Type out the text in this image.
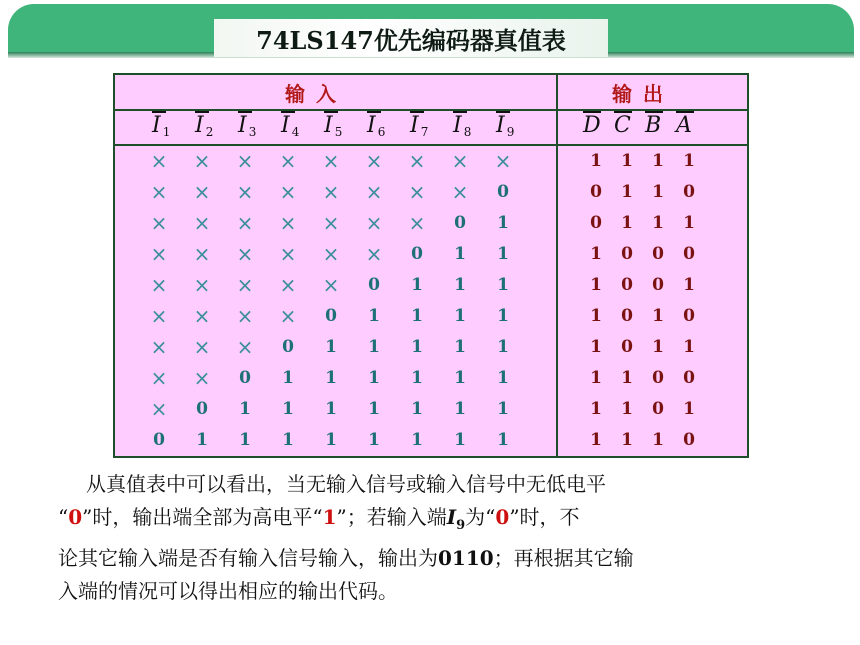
74LS147优先编码器真值表
输 入	输 出
I 1 I 2 I 3 I 4 I 5 I 6 I 7 I 8 I 9	D C B A
×	×	×	×	×	×	×	×	×	1	1	1	1
×	×	×	×	×	×	×	×	0	0	1	1	0
×	×	×	×	×	×	×	0	1	0	1	1	1
×	×	×	×	×	×	0	1	1	1	0	0	0
×	×	×	×	×	0	1	1	1	1	0	0	1
×	×	×	×	0	1	1	1	1	1	0	1	0
×	×	×	0	1	1	1	1	1	1	0	1	1
×	×	0	1	1	1	1	1	1	1	1	0	0
×	0	1	1	1	1	1	1	1	1	1	0	1
0	1	1	1	1	1	1	1	1	1	1	1	0
从真值表中可以看出，当无输入信号或输入信号中无低电平
“0”时，输出端全部为高电平“1”；若输入端$I_9$为“0”时，不
论其它输入端是否有输入信号输入，输出为0110；再根据其它输
入端的情况可以得出相应的输出代码。
